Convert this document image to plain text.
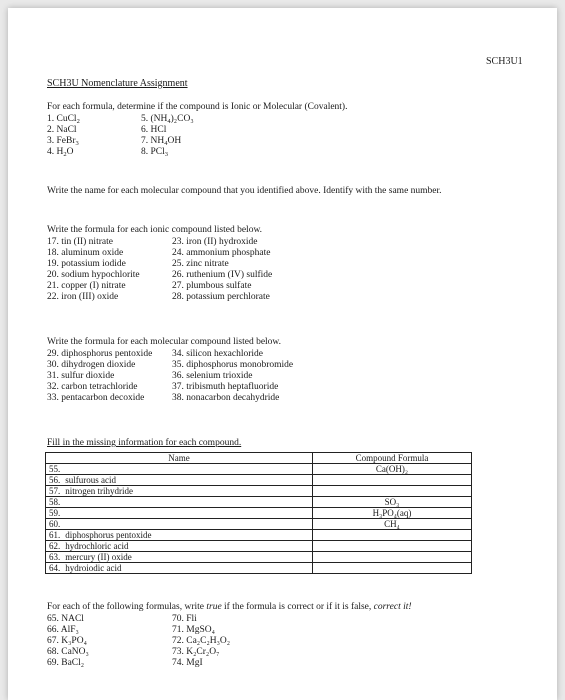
SCH3U1
SCH3U Nomenclature Assignment
For each formula, determine if the compound is Ionic or Molecular (Covalent).
1. CuCl$_2$
2. NaCl
3. FeBr$_3$
4. $H_2O$
5. $(NH_4)_2CO_3$
6. HCl
7. $NH_4OH$
8. PCl$_3$
Write the name for each molecular compound that you identified above. Identify with the same number.
Write the formula for each ionic compound listed below.
17. tin (II) nitrate
18. aluminum oxide
19. potassium iodide
20. sodium hypochlorite
21. copper (I) nitrate
22. iron (III) oxide
23. iron (II) hydroxide
24. ammonium phosphate
25. zinc nitrate
26. ruthenium (IV) sulfide
27. plumbous sulfate
28. potassium perchlorate
Write the formula for each molecular compound listed below.
29. diphosphorus pentoxide
30. dihydrogen dioxide
31. sulfur dioxide
32. carbon tetrachloride
33. pentacarbon decoxide
34. silicon hexachloride
35. diphosphorus monobromide
36. selenium trioxide
37. tribismuth heptafluoride
38. nonacarbon decahydride
Fill in the missing information for each compound.
Name	Compound Formula
55.	Ca(OH)₂
56. sulfurous acid	
57. nitrogen trihydride	
58.	SO₃
59.	H₃PO₄(aq)
60.	CH₄
61. diphosphorus pentoxide	
62. hydrochloric acid	
63. mercury (II) oxide	
64. hydroiodic acid	
For each of the following formulas, write true if the formula is correct or if it is false, correct it!
65. NACl
66. AlF₃
67. K₃PO₄
68. CaNO₃
69. BaCl₂
70. Fli
71. MgSO₄
72. Ca₂C₂H₃O₂
73. K₂Cr₂O₇
74. MgI
